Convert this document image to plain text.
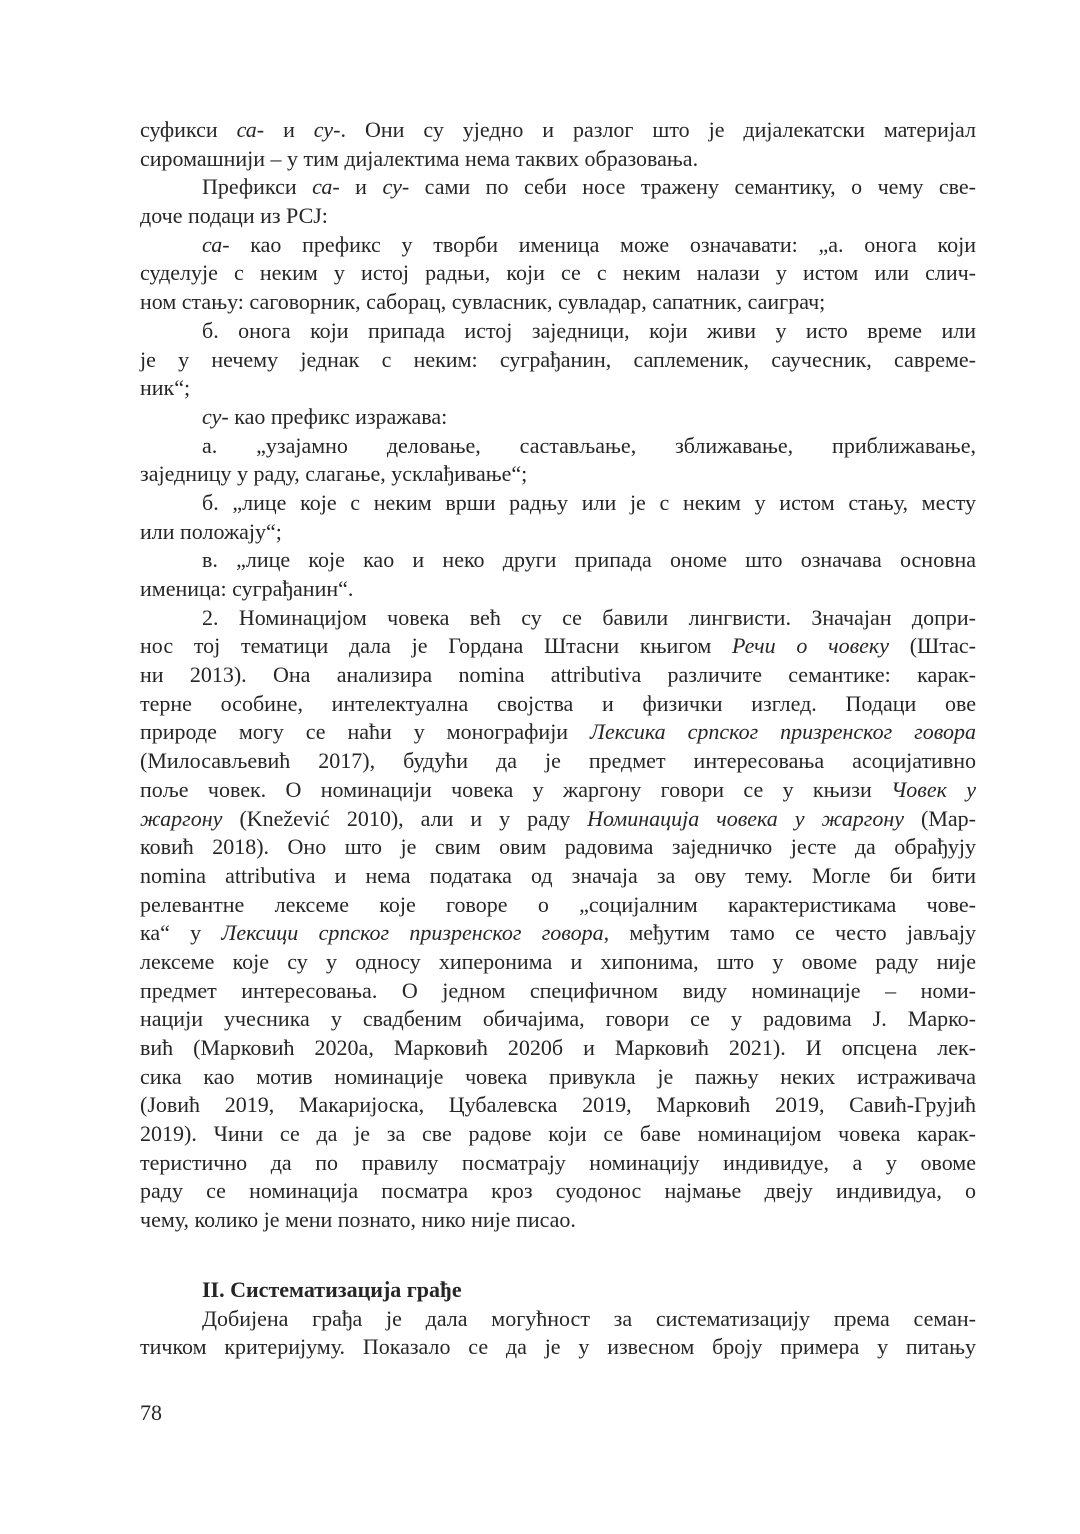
суфикси са- и су-. Они су уједно и разлог што је дијалекатски материјал
сиромашнији – у тим дијалектима нема таквих образовања.
Префикси са- и су- сами по себи носе тражену семантику, о чему све-
доче подаци из РСЈ:
са- као префикс у творби именица може означавати: „а. онога који
суделује с неким у истој радњи, који се с неким налази у истом или слич-
ном стању: саговорник, саборац, сувласник, сувладар, сапатник, саиграч;
б. онога који припада истој заједници, који живи у исто време или
је у нечему једнак с неким: суграђанин, саплеменик, саучесник, савреме-
ник“;
су- као префикс изражава:
а. „узајамно деловање, састављање, зближавање, приближавање,
заједницу у раду, слагање, усклађивање“;
б. „лице које с неким врши радњу или је с неким у истом стању, месту
или положају“;
в. „лице које као и неко други припада ономе што означава основна
именица: суграђанин“.
2. Номинацијом човека већ су се бавили лингвисти. Значајан допри-
нос тој тематици дала је Гордана Штасни књигом Речи о човеку (Штас-
ни 2013). Она анализира nomina attributiva различите семантике: карак-
терне особине, интелектуална својства и физички изглед. Подаци ове
природе могу се наћи у монографији Лексика српског призренског говора
(Милосављевић 2017), будући да је предмет интересовања асоцијативно
поље човек. О номинацији човека у жаргону говори се у књизи Човек у
жаргону (Knežević 2010), али и у раду Номинација човека у жаргону (Мар-
ковић 2018). Оно што је свим овим радовима заједничко јесте да обрађују
nomina attributiva и нема података од значаја за ову тему. Могле би бити
релевантне лексеме које говоре о „социјалним карактеристикама чове-
ка“ у Лексици српског призренског говора, међутим тамо се често јављају
лексеме које су у односу хиперонима и хипонима, што у овоме раду није
предмет интересовања. О једном специфичном виду номинације – номи-
нацији учесника у свадбеним обичајима, говори се у радовима Ј. Марко-
вић (Марковић 2020а, Марковић 2020б и Марковић 2021). И опсцена лек-
сика као мотив номинације човека привукла је пажњу неких истраживача
(Јовић 2019, Макаријоска, Цубалевска 2019, Марковић 2019, Савић-Грујић
2019). Чини се да је за све радове који се баве номинацијом човека карак-
теристично да по правилу посматрају номинацију индивидуе, а у овоме
раду се номинација посматра кроз суодонос најмање двеју индивидуа, о
чему, колико је мени познато, нико није писао.
II. Систематизација грађе
Добијена грађа је дала могућност за систематизацију према семан-
тичком критеријуму. Показало се да је у извесном броју примера у питању
78
